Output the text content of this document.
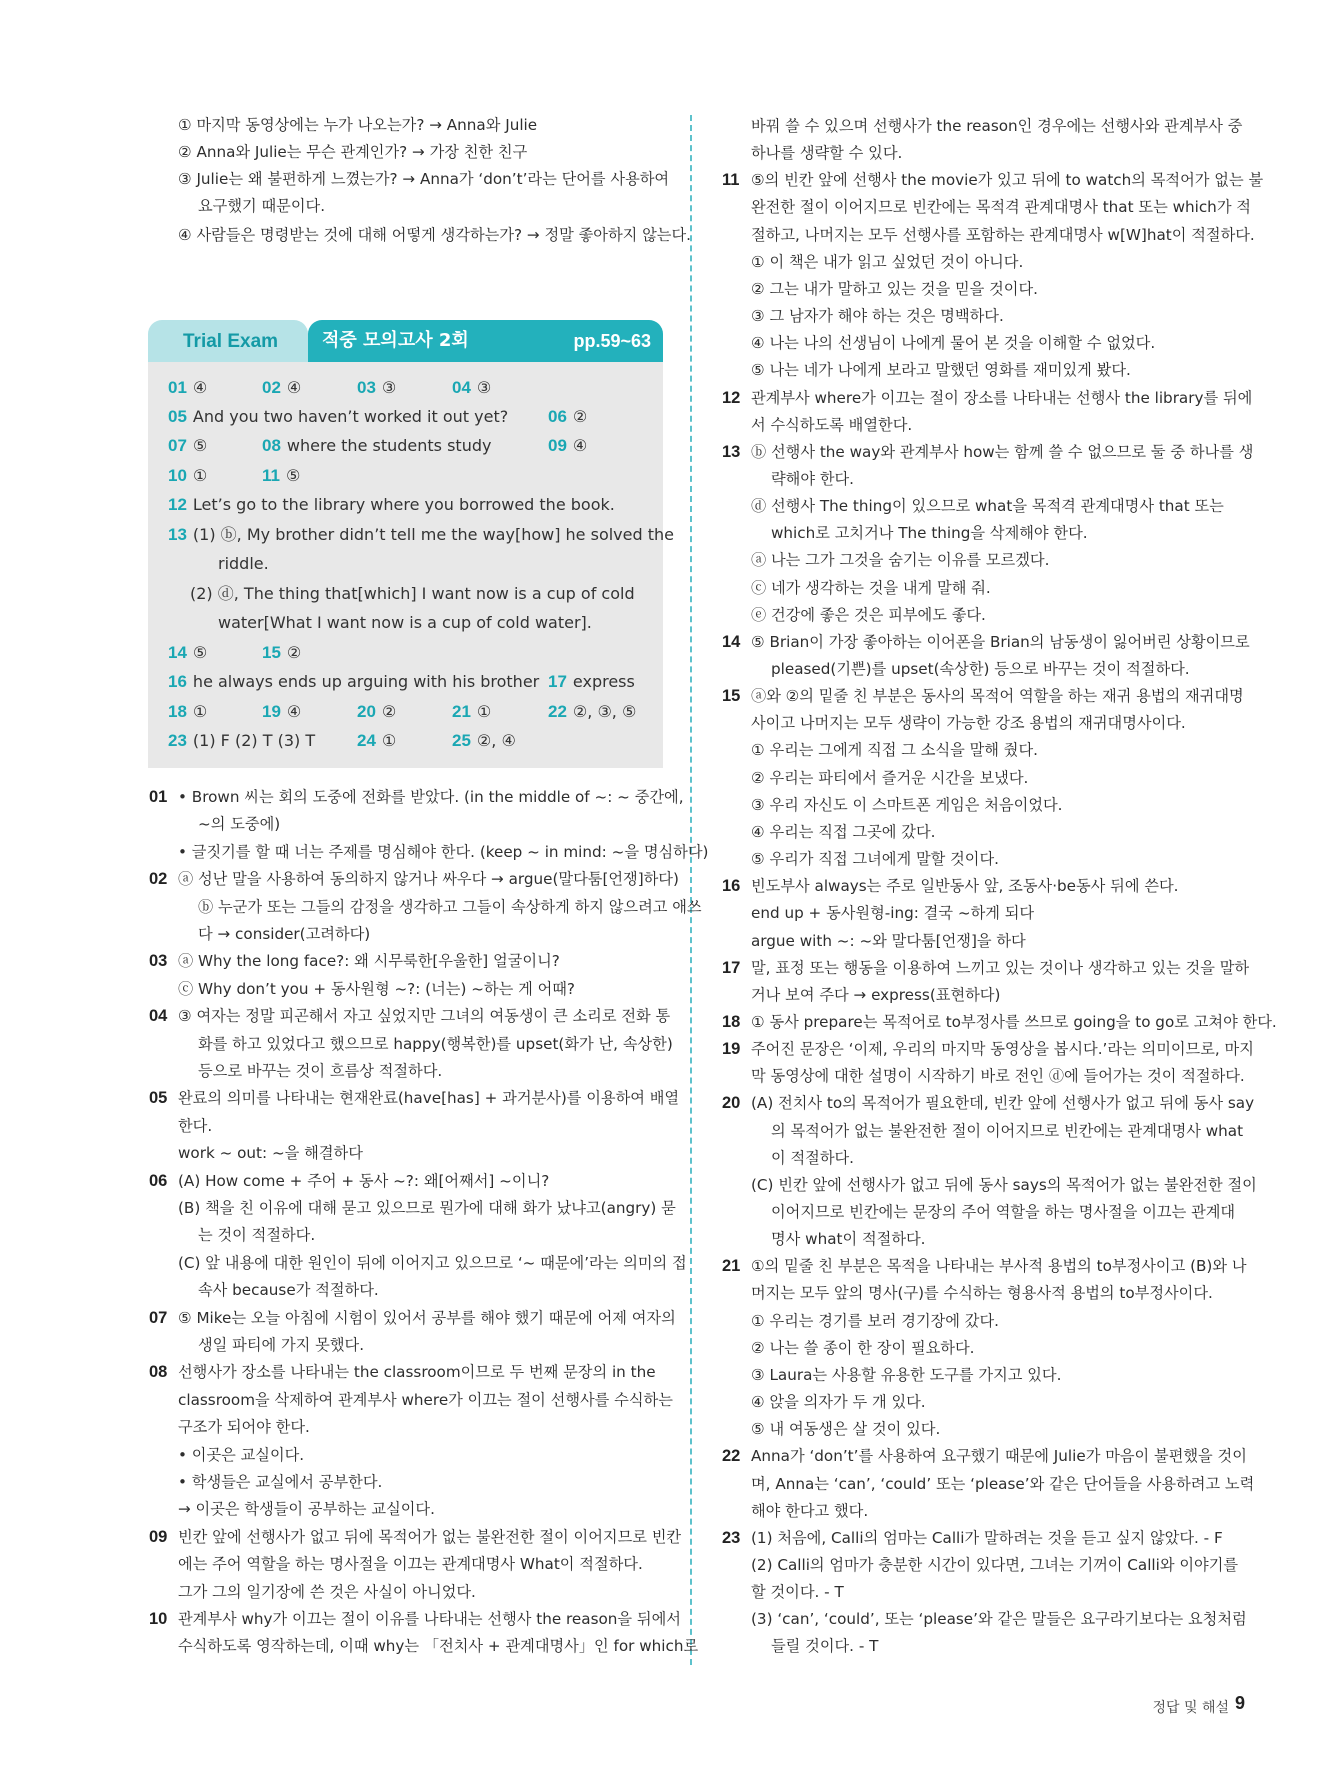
① 마지막 동영상에는 누가 나오는가? → Anna와 Julie
② Anna와 Julie는 무슨 관계인가? → 가장 친한 친구
③ Julie는 왜 불편하게 느꼈는가? → Anna가 ‘don’t’라는 단어를 사용하여
요구했기 때문이다.
④ 사람들은 명령받는 것에 대해 어떻게 생각하는가? → 정말 좋아하지 않는다.
Trial Exam	적중 모의고사 2회	pp.59~63
01 ④	02 ④	03 ③	04 ③
05 And you two haven’t worked it out yet? 06 ②
07 ⑤	08 where the students study	09 ④
10 ①	11 ⑤
12 Let’s go to the library where you borrowed the book.
13 (1) ⓑ, My brother didn’t tell me the way[how] he solved the
riddle.
(2) ⓓ, The thing that[which] I want now is a cup of cold
water[What I want now is a cup of cold water].
14 ⑤	15 ②
16 he always ends up arguing with his brother 17 express
18 ①	19 ④	20 ②	21 ①	22 ②, ③, ⑤
23 (1) F (2) T (3) T 24 ①	25 ②, ④
01 • Brown 씨는 회의 도중에 전화를 받았다. (in the middle of ~: ~ 중간에,
~의 도중에)
• 글짓기를 할 때 너는 주제를 명심해야 한다. (keep ~ in mind: ~을 명심하다)
02 ⓐ 성난 말을 사용하여 동의하지 않거나 싸우다 → argue(말다툼[언쟁]하다)
ⓑ 누군가 또는 그들의 감정을 생각하고 그들이 속상하게 하지 않으려고 애쓰
다 → consider(고려하다)
03 ⓐ Why the long face?: 왜 시무룩한[우울한] 얼굴이니?
ⓒ Why don’t you + 동사원형 ~?: (너는) ~하는 게 어때?
04 ③ 여자는 정말 피곤해서 자고 싶었지만 그녀의 여동생이 큰 소리로 전화 통
화를 하고 있었다고 했으므로 happy(행복한)를 upset(화가 난, 속상한)
등으로 바꾸는 것이 흐름상 적절하다.
05 완료의 의미를 나타내는 현재완료(have[has] + 과거분사)를 이용하여 배열
한다.
work ~ out: ~을 해결하다
06 (A) How come + 주어 + 동사 ~?: 왜[어째서] ~이니?
(B) 책을 친 이유에 대해 묻고 있으므로 뭔가에 대해 화가 났냐고(angry) 묻
는 것이 적절하다.
(C) 앞 내용에 대한 원인이 뒤에 이어지고 있으므로 ‘~ 때문에’라는 의미의 접
속사 because가 적절하다.
07 ⑤ Mike는 오늘 아침에 시험이 있어서 공부를 해야 했기 때문에 어제 여자의
생일 파티에 가지 못했다.
08 선행사가 장소를 나타내는 the classroom이므로 두 번째 문장의 in the
classroom을 삭제하여 관계부사 where가 이끄는 절이 선행사를 수식하는
구조가 되어야 한다.
• 이곳은 교실이다.
• 학생들은 교실에서 공부한다.
→ 이곳은 학생들이 공부하는 교실이다.
09 빈칸 앞에 선행사가 없고 뒤에 목적어가 없는 불완전한 절이 이어지므로 빈칸
에는 주어 역할을 하는 명사절을 이끄는 관계대명사 What이 적절하다.
그가 그의 일기장에 쓴 것은 사실이 아니었다.
10 관계부사 why가 이끄는 절이 이유를 나타내는 선행사 the reason을 뒤에서
수식하도록 영작하는데, 이때 why는 「전치사 + 관계대명사」인 for which로
바꿔 쓸 수 있으며 선행사가 the reason인 경우에는 선행사와 관계부사 중
하나를 생략할 수 있다.
11 ⑤의 빈칸 앞에 선행사 the movie가 있고 뒤에 to watch의 목적어가 없는 불
완전한 절이 이어지므로 빈칸에는 목적격 관계대명사 that 또는 which가 적
절하고, 나머지는 모두 선행사를 포함하는 관계대명사 w[W]hat이 적절하다.
① 이 책은 내가 읽고 싶었던 것이 아니다.
② 그는 내가 말하고 있는 것을 믿을 것이다.
③ 그 남자가 해야 하는 것은 명백하다.
④ 나는 나의 선생님이 나에게 물어 본 것을 이해할 수 없었다.
⑤ 나는 네가 나에게 보라고 말했던 영화를 재미있게 봤다.
12 관계부사 where가 이끄는 절이 장소를 나타내는 선행사 the library를 뒤에
서 수식하도록 배열한다.
13 ⓑ 선행사 the way와 관계부사 how는 함께 쓸 수 없으므로 둘 중 하나를 생
략해야 한다.
ⓓ 선행사 The thing이 있으므로 what을 목적격 관계대명사 that 또는
which로 고치거나 The thing을 삭제해야 한다.
ⓐ 나는 그가 그것을 숨기는 이유를 모르겠다.
ⓒ 네가 생각하는 것을 내게 말해 줘.
ⓔ 건강에 좋은 것은 피부에도 좋다.
14 ⑤ Brian이 가장 좋아하는 이어폰을 Brian의 남동생이 잃어버린 상황이므로
pleased(기쁜)를 upset(속상한) 등으로 바꾸는 것이 적절하다.
15 ⓐ와 ②의 밑줄 친 부분은 동사의 목적어 역할을 하는 재귀 용법의 재귀대명
사이고 나머지는 모두 생략이 가능한 강조 용법의 재귀대명사이다.
① 우리는 그에게 직접 그 소식을 말해 줬다.
② 우리는 파티에서 즐거운 시간을 보냈다.
③ 우리 자신도 이 스마트폰 게임은 처음이었다.
④ 우리는 직접 그곳에 갔다.
⑤ 우리가 직접 그녀에게 말할 것이다.
16 빈도부사 always는 주로 일반동사 앞, 조동사·be동사 뒤에 쓴다.
end up + 동사원형-ing: 결국 ~하게 되다
argue with ~: ~와 말다툼[언쟁]을 하다
17 말, 표정 또는 행동을 이용하여 느끼고 있는 것이나 생각하고 있는 것을 말하
거나 보여 주다 → express(표현하다)
18 ① 동사 prepare는 목적어로 to부정사를 쓰므로 going을 to go로 고쳐야 한다.
19 주어진 문장은 ‘이제, 우리의 마지막 동영상을 봅시다.’라는 의미이므로, 마지
막 동영상에 대한 설명이 시작하기 바로 전인 ⓓ에 들어가는 것이 적절하다.
20 (A) 전치사 to의 목적어가 필요한데, 빈칸 앞에 선행사가 없고 뒤에 동사 say
의 목적어가 없는 불완전한 절이 이어지므로 빈칸에는 관계대명사 what
이 적절하다.
(C) 빈칸 앞에 선행사가 없고 뒤에 동사 says의 목적어가 없는 불완전한 절이
이어지므로 빈칸에는 문장의 주어 역할을 하는 명사절을 이끄는 관계대
명사 what이 적절하다.
21 ①의 밑줄 친 부분은 목적을 나타내는 부사적 용법의 to부정사이고 (B)와 나
머지는 모두 앞의 명사(구)를 수식하는 형용사적 용법의 to부정사이다.
① 우리는 경기를 보러 경기장에 갔다.
② 나는 쓸 종이 한 장이 필요하다.
③ Laura는 사용할 유용한 도구를 가지고 있다.
④ 앉을 의자가 두 개 있다.
⑤ 내 여동생은 살 것이 있다.
22 Anna가 ‘don’t’를 사용하여 요구했기 때문에 Julie가 마음이 불편했을 것이
며, Anna는 ‘can’, ‘could’ 또는 ‘please’와 같은 단어들을 사용하려고 노력
해야 한다고 했다.
23 (1) 처음에, Calli의 엄마는 Calli가 말하려는 것을 듣고 싶지 않았다. - F
(2) Calli의 엄마가 충분한 시간이 있다면, 그녀는 기꺼이 Calli와 이야기를
할 것이다. - T
(3) ‘can’, ‘could’, 또는 ‘please’와 같은 말들은 요구라기보다는 요청처럼
들릴 것이다. - T
정답 및 해설 9
